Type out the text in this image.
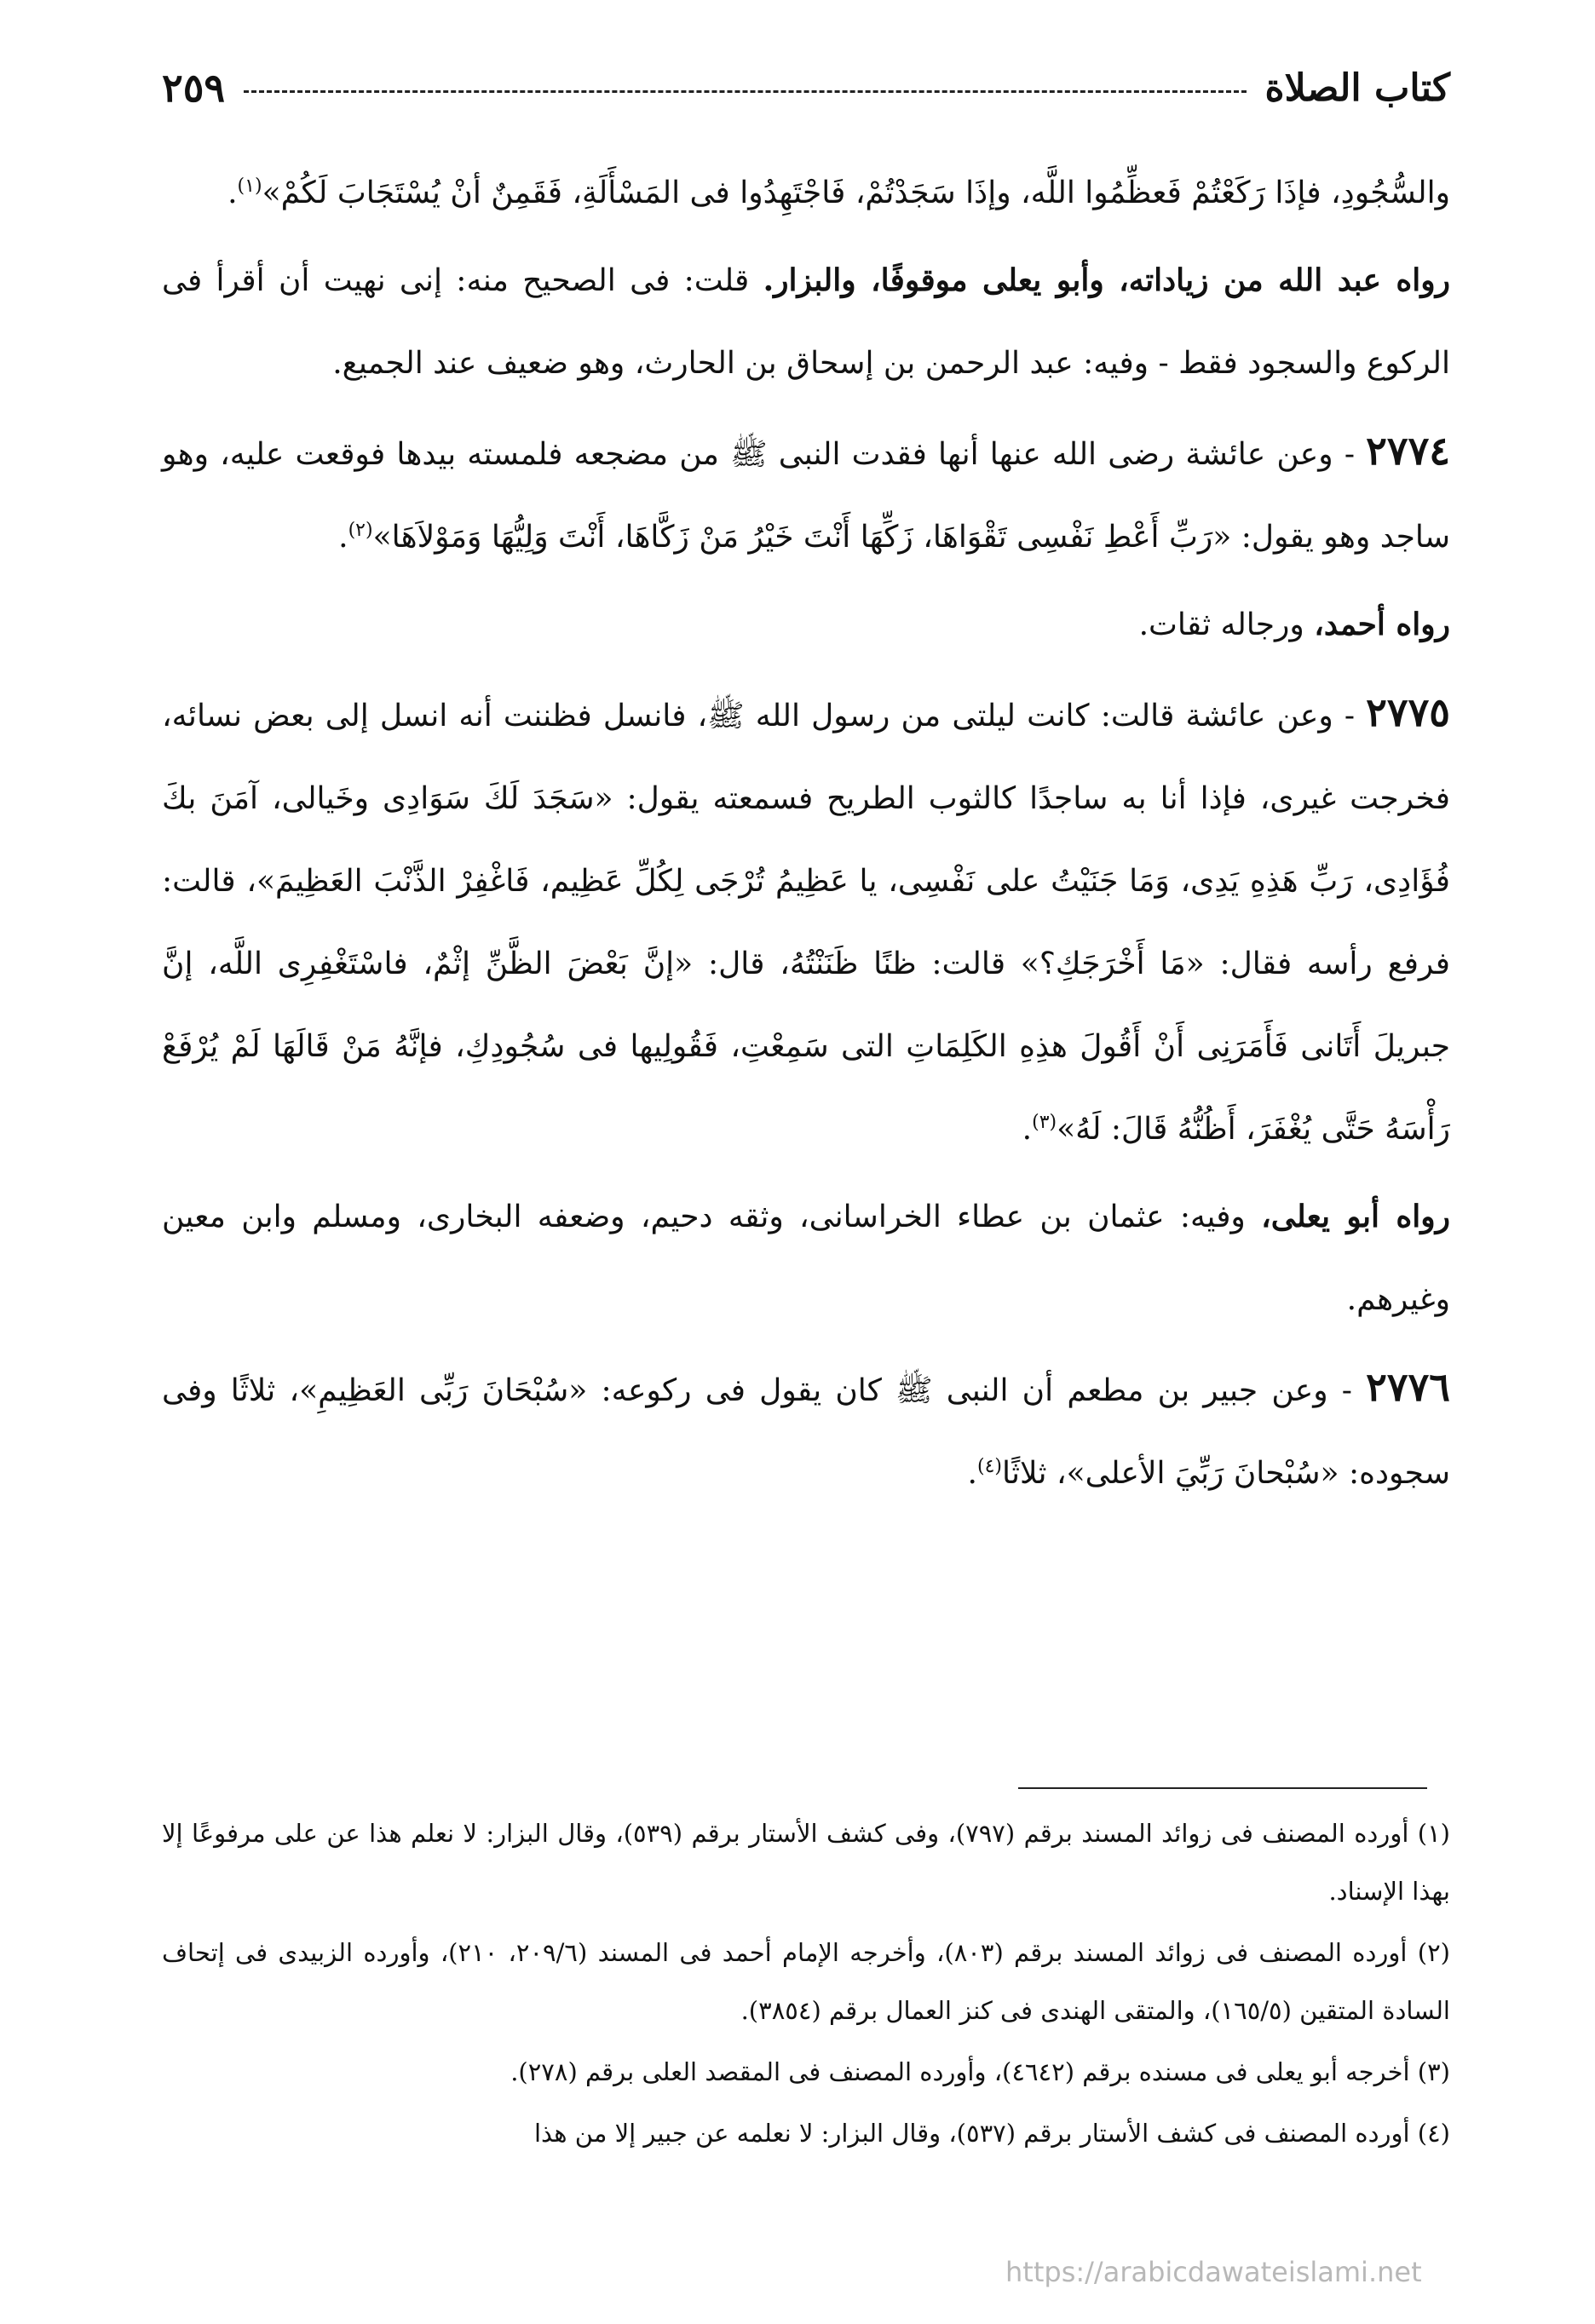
كتاب الصلاة
٢٥٩

والسُّجُودِ، فإذَا رَكَعْتُمْ فَعظِّمُوا اللَّه، وإذَا سَجَدْتُمْ، فَاجْتَهِدُوا فى المَسْأَلَةِ، فَقَمِنٌ أنْ يُسْتَجَابَ لَكُمْ»$^{(١)}$.

رواه عبد الله من زياداته، وأبو يعلى موقوفًا، والبزار. قلت: فى الصحيح منه: إنى نهيت أن أقرأ فى الركوع والسجود فقط - وفيه: عبد الرحمن بن إسحاق بن الحارث، وهو ضعيف عند الجميع.

٢٧٧٤ - وعن عائشة رضى الله عنها أنها فقدت النبى ﷺ من مضجعه فلمسته بيدها فوقعت عليه، وهو ساجد وهو يقول: «رَبِّ أَعْطِ نَفْسِى تَقْوَاهَا، زَكِّهَا أَنْتَ خَيْرُ مَنْ زَكَّاهَا، أَنْتَ وَلِيُّهَا وَمَوْلاَهَا»$^{(٢)}$.

رواه أحمد، ورجاله ثقات.

٢٧٧٥ - وعن عائشة قالت: كانت ليلتى من رسول الله ﷺ، فانسل فظننت أنه انسل إلى بعض نسائه، فخرجت غيرى، فإذا أنا به ساجدًا كالثوب الطريح فسمعته يقول: «سَجَدَ لَكَ سَوَادِى وخَيالى، آمَنَ بكَ فُؤَادِى، رَبِّ هَذِهِ يَدِى، وَمَا جَنَيْتُ على نَفْسِى، يا عَظِيمُ تُرْجَى لِكُلِّ عَظِيم، فَاغْفِرْ الذَّنْبَ العَظِيمَ»، قالت: فرفع رأسه فقال: «مَا أَخْرَجَكِ؟» قالت: ظنًا ظَنَنْتُهُ، قال: «إنَّ بَعْضَ الظَّنِّ إثْمٌ، فاسْتَغْفِرِى اللَّه، إنَّ جبريلَ أَتَانى فَأَمَرَنِى أَنْ أَقُولَ هذِهِ الكَلِمَاتِ التى سَمِعْتِ، فَقُولِيها فى سُجُودِكِ، فإنَّهُ مَنْ قَالَهَا لَمْ يُرْفَعْ رَأْسَهُ حَتَّى يُغْفَرَ، أَظُنُّهُ قَالَ: لَهُ»$^{(٣)}$.

رواه أبو يعلى، وفيه: عثمان بن عطاء الخراسانى، وثقه دحيم، وضعفه البخارى، ومسلم وابن معين وغيرهم.

٢٧٧٦ - وعن جبير بن مطعم أن النبى ﷺ كان يقول فى ركوعه: «سُبْحَانَ رَبِّى العَظِيمِ»، ثلاثًا وفى سجوده: «سُبْحانَ رَبِّيَ الأعلى»، ثلاثًا$^{(٤)}$.

(١) أورده المصنف فى زوائد المسند برقم (٧٩٧)، وفى كشف الأستار برقم (٥٣٩)، وقال البزار: لا نعلم هذا عن على مرفوعًا إلا بهذا الإسناد.

(٢) أورده المصنف فى زوائد المسند برقم (٨٠٣)، وأخرجه الإمام أحمد فى المسند (٢٠٩/٦، ٢١٠)، وأورده الزبيدى فى إتحاف السادة المتقين (١٦٥/٥)، والمتقى الهندى فى كنز العمال برقم (٣٨٥٤).

(٣) أخرجه أبو يعلى فى مسنده برقم (٤٦٤٢)، وأورده المصنف فى المقصد العلى برقم (٢٧٨).

(٤) أورده المصنف فى كشف الأستار برقم (٥٣٧)، وقال البزار: لا نعلمه عن جبير إلا من هذا

https://arabicdawateislami.net
